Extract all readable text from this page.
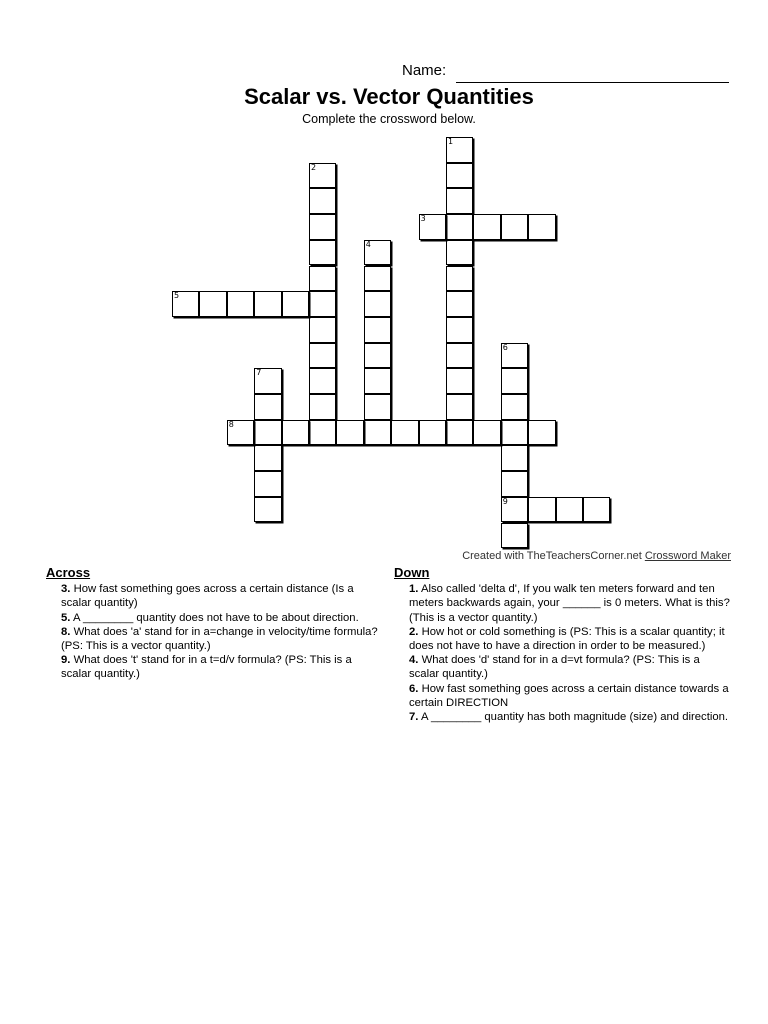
Name:
Scalar vs. Vector Quantities
Complete the crossword below.
1
2
3
4
5
6
9
7
8
Created with TheTeachersCorner.net Crossword Maker
Across
3. How fast something goes across a certain distance (Is a scalar quantity)
5. A ________ quantity does not have to be about direction.
8. What does 'a' stand for in a=change in velocity/time formula? (PS: This is a vector quantity.)
9. What does 't' stand for in a t=d/v formula? (PS: This is a scalar quantity.)
Down
1. Also called 'delta d', If you walk ten meters forward and ten meters backwards again, your ______ is 0 meters. What is this? (This is a vector quantity.)
2. How hot or cold something is (PS: This is a scalar quantity; it does not have to have a direction in order to be measured.)
4. What does 'd' stand for in a d=vt formula? (PS: This is a scalar quantity.)
6. How fast something goes across a certain distance towards a certain DIRECTION
7. A ________ quantity has both magnitude (size) and direction.
